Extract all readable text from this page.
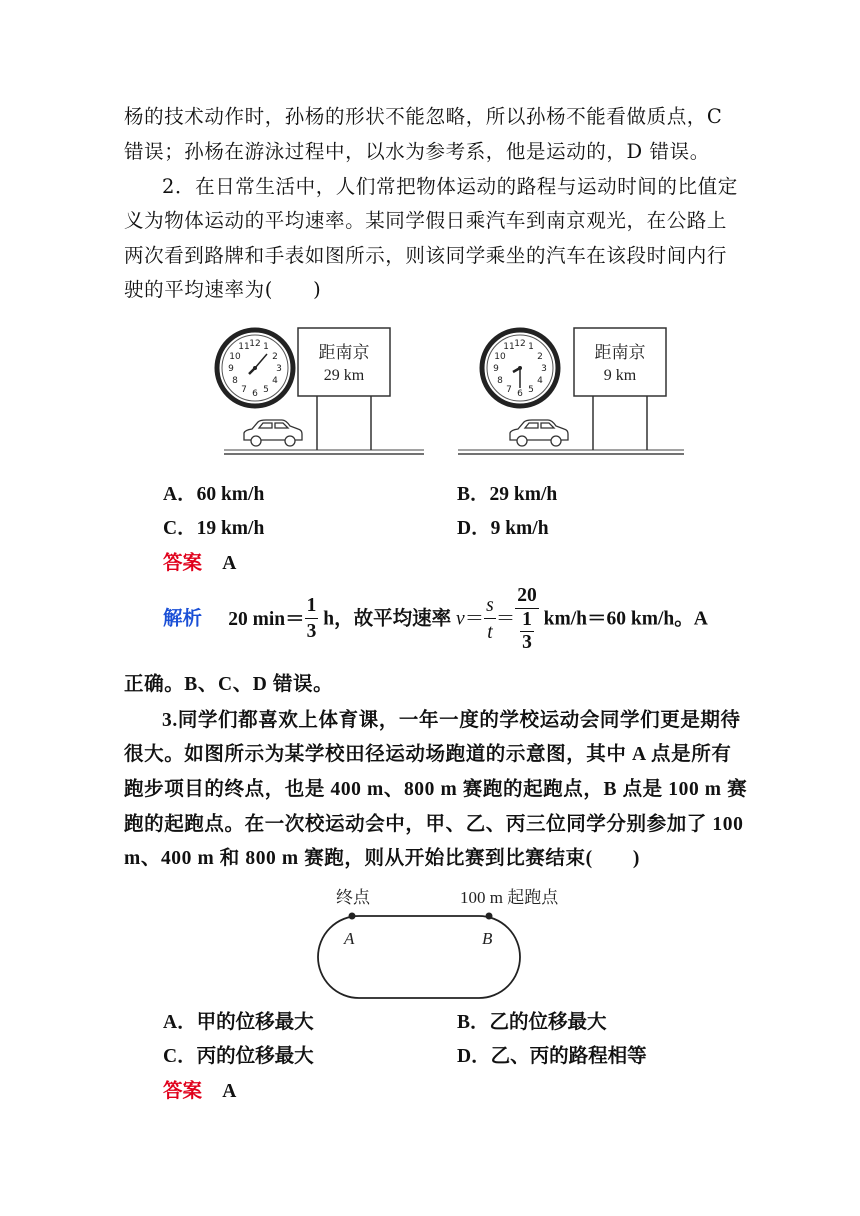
杨的技术动作时，孙杨的形状不能忽略，所以孙杨不能看做质点，C
错误；孙杨在游泳过程中，以水为参考系，他是运动的，D 错误。
2．在日常生活中，人们常把物体运动的路程与运动时间的比值定
义为物体运动的平均速率。某同学假日乘汽车到南京观光，在公路上
两次看到路牌和手表如图所示，则该同学乘坐的汽车在该段时间内行
驶的平均速率为(　　)
12 1
2
3
4
5
6
7
8
9
10
11	距南京
29 km
12 1
2
3
4
5
6
7
8
9
10
11	距南京
9 km
A．60 km/h	B．29 km/h
C．19 km/h	D．9 km/h
答案 A
解析 20 $\min= \frac{1}{3}$ h，故平均速率 $v= \frac{s}{t}$ ＝
20
1
3
km/h＝60 km/h。A
正确。B、C、D 错误。
3.同学们都喜欢上体育课，一年一度的学校运动会同学们更是期待
很大。如图所示为某学校田径运动场跑道的示意图，其中 A 点是所有
跑步项目的终点，也是 400 m、800 m 赛跑的起跑点，B 点是 100 m 赛
跑的起跑点。在一次校运动会中，甲、乙、丙三位同学分别参加了 100
m、400 m 和 800 m 赛跑，则从开始比赛到比赛结束(　　)
终点	100 m 起跑点
A	B
A．甲的位移最大	B．乙的位移最大
C．丙的位移最大	D．乙、丙的路程相等
答案 A
